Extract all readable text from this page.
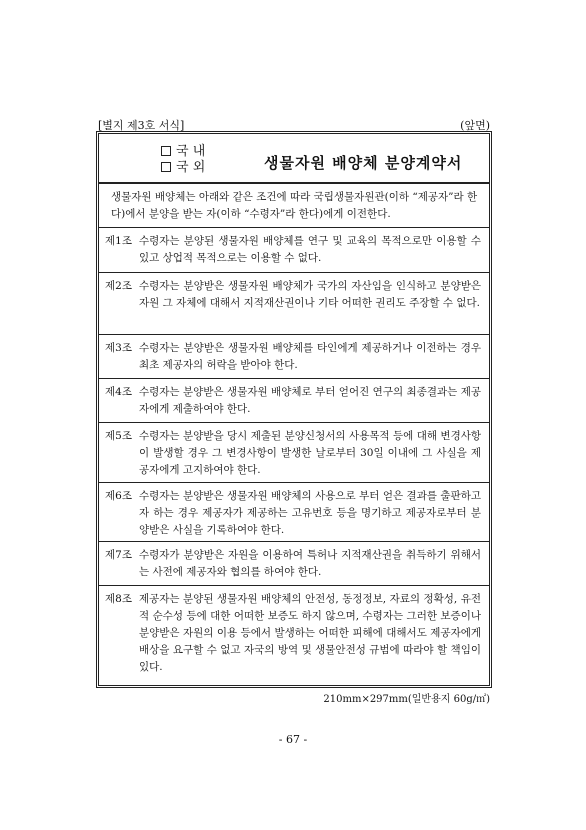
[별지 제3호 서식]	(앞면)
국 내
국 외	생물자원 배양체 분양계약서
생물자원 배양체는 아래와 같은 조건에 따라 국립생물자원관(이하 “제공자”라 한다)에서 분양을 받는 자(이하 “수령자”라 한다)에게 이전한다.
제1조 수령자는 분양된 생물자원 배양체를 연구 및 교육의 목적으로만 이용할 수 있고 상업적 목적으로는 이용할 수 없다.
제2조 수령자는 분양받은 생물자원 배양체가 국가의 자산임을 인식하고 분양받은 자원 그 자체에 대해서 지적재산권이나 기타 어떠한 권리도 주장할 수 없다.
제3조 수령자는 분양받은 생물자원 배양체를 타인에게 제공하거나 이전하는 경우 최초 제공자의 허락을 받아야 한다.
제4조 수령자는 분양받은 생물자원 배양체로 부터 얻어진 연구의 최종결과는 제공자에게 제출하여야 한다.
제5조 수령자는 분양받을 당시 제출된 분양신청서의 사용목적 등에 대해 변경사항이 발생할 경우 그 변경사항이 발생한 날로부터 30일 이내에 그 사실을 제공자에게 고지하여야 한다.
제6조 수령자는 분양받은 생물자원 배양체의 사용으로 부터 얻은 결과를 출판하고자 하는 경우 제공자가 제공하는 고유번호 등을 명기하고 제공자로부터 분양받은 사실을 기록하여야 한다.
제7조 수령자가 분양받은 자원을 이용하여 특허나 지적재산권을 취득하기 위해서는 사전에 제공자와 협의를 하여야 한다.
제8조 제공자는 분양된 생물자원 배양체의 안전성, 동정정보, 자료의 정확성, 유전적 순수성 등에 대한 어떠한 보증도 하지 않으며, 수령자는 그러한 보증이나 분양받은 자원의 이용 등에서 발생하는 어떠한 피해에 대해서도 제공자에게 배상을 요구할 수 없고 자국의 방역 및 생물안전성 규범에 따라야 할 책임이 있다.
210mm×297mm(일반용지 60g/㎡)
- 67 -
